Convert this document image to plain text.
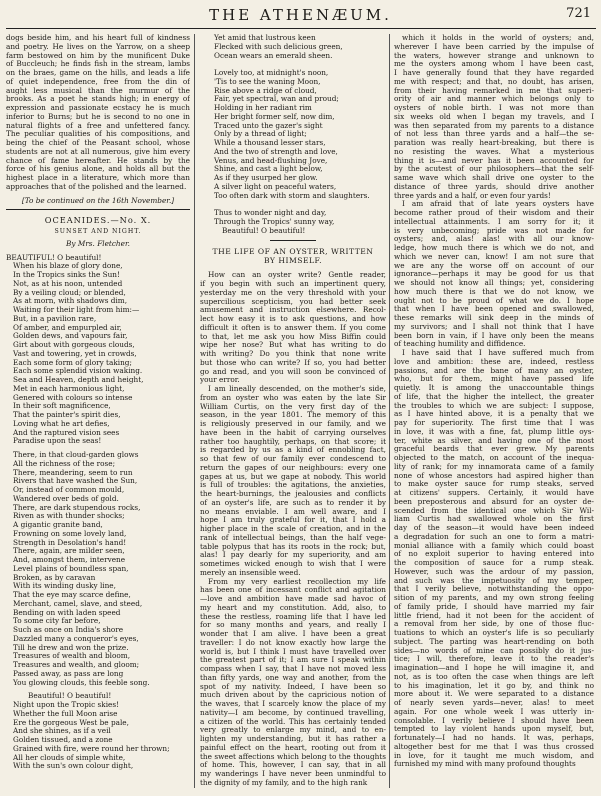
THE ATHENÆUM.	721
dogs beside him, and his heart full of kindness
and poetry. He lives on the Yarrow, on a sheep
farm bestowed on him by the munificent Duke
of Buccleuch; he finds fish in the stream, lambs
on the braes, game on the hills, and leads a life
of quiet independence, free from the din of
aught less musical than the murmur of the
brooks. As a poet he stands high; in energy of
expression and passionate ecstacy he is much
inferior to Burns; but he is second to no one in
natural flights of a free and unfettered fancy.
The peculiar qualities of his compositions, and
being the chief of the Peasant school, whose
students are not at all numerous, give him every
chance of fame hereafter. He stands by the
force of his genius alone, and holds all but the
highest place in a literature, which more than
approaches that of the polished and the learned.
[To be continued on the 16th November.]
OCEANIDES.—No. X.
SUNSET AND NIGHT.
By Mrs. Fletcher.
BEAUTIFUL! O beautiful!
When his blaze of glory done,
In the Tropics sinks the Sun!
Not, as at his noon, untended
By a veiling cloud; or blended,
As at morn, with shadows dim,
Waiting for their light from him:—
But, in a pavilion rare,
Of amber, and empurpled air,
Golden dews, and vapours fair,
Girt about with gorgeous clouds,
Vast and towering, yet in crowds,
Each some form of glory taking;
Each some splendid vision waking.
Sea and Heaven, depth and height,
Met in each harmonious light,
Genered with colours so intense
In their soft magnificence,
That the painter's spirit dies,
Loving what he art defies,
And the raptured vision sees
Paradise upon the seas!
There, in that cloud-garden glows
All the richness of the rose;
There, meandering, seem to run
Rivers that have washed the Sun,
Or, instead of common mould,
Wandered over beds of gold.
There, are dark stupendous rocks,
Riven as with thunder shocks;
A gigantic granite band,
Frowning on some lovely land,
Strength in Desolation's hand!
There, again, are milder seen,
And, amongst them, intervene
Level plains of boundless span,
Broken, as by caravan
With its winding dusky line,
That the eye may scarce define,
Merchant, camel, slave, and steed,
Bending on with laden speed
To some city far before,
Such as once on India's shore
Dazzled many a conqueror's eyes,
Till he drew and won the prize.
Treasures of wealth and bloom,
Treasures and wealth, and gloom;
Passed away, as pass are long
You glowing clouds, this feeble song.
Beautiful! O beautiful!
Night upon the Tropic skies!
Whether the full Moon arise
Ere the gorgeous West be pale,
And she shines, as if a veil
Golden tissued, and a zone
Grained with fire, were round her thrown;
All her clouds of simple white,
With the sun's own colour dight,
Yet amid that lustrous keen
Flecked with such delicious green,
Ocean wears an emerald sheen.

Lovely too, at midnight's noon,
'Tis to see the waning Moon,
Rise above a ridge of cloud,
Fair, yet spectral, wan and proud;
Holding in her radiant rim
Her bright former self, now dim,
Traced unto the gazer's sight
Only by a thread of light;
While a thousand lesser stars,
And the two of strength and love,
Venus, and head-flushing Jove,
Shine, and cast a light below,
As if they usurped her glow.
A silver light on peaceful waters,
Too often dark with storm and slaughters.

Thus to wonder night and day,
Through the Tropics' sunny way,
Beautiful! O beautiful!
THE LIFE OF AN OYSTER, WRITTEN BY HIMSELF.
How can an oyster write? Gentle reader,
if you begin with such an impertinent query,
yesterday me on the very threshold with your
supercilious scepticism, you had better seek
amusement and instruction elsewhere. Recol-
lect how easy it is to ask questions, and how
difficult it often is to answer them. If you come
to that, let me ask you how Miss Biffin could
wipe her nose? But what has writing to do
with writing? Do you think that none write
but those who can write? If so, you had better
go and read, and you will soon be convinced of
your error.
I am lineally descended, on the mother's side,
from an oyster who was eaten by the late Sir
William Curtis, on the very first day of the
season, in the year 1801. The memory of this
is religiously preserved in our family, and we
have been in the habit of carrying ourselves
rather too haughtily, perhaps, on that score; it
is regarded by us as a kind of ennobling fact,
so that few of our family ever condescend to
return the gapes of our neighbours: every one
gapes at us, but we gape at nobody. This world
is full of troubles: the agitations, the anxieties,
the heart-burnings, the jealousies and conflicts
of an oyster's life, are such as to render it by
no means enviable. I am well aware, and I
hope I am truly grateful for it, that I hold a
higher place in the scale of creation, and in the
rank of intellectual beings, than the half vege-
table polypus that has its roots in the rock; but,
alas! I pay dearly for my superiority, and am
sometimes wicked enough to wish that I were
merely an insensible weed.
From my very earliest recollection my life
has been one of incessant conflict and agitation
—love and ambition have made sad havoc of
my heart and my constitution. Add, also, to
these the restless, roaming life that I have led
for so many months and years, and really I
wonder that I am alive. I have been a great
traveller: I do not know exactly how large the
world is, but I think I must have travelled over
the greatest part of it; I am sure I speak within
compass when I say, that I have not moved less
than fifty yards, one way and another, from the
spot of my nativity. Indeed, I have been so
much driven about by the capricious notion of
the waves, that I scarcely know the place of my
nativity—I am become, by continued travelling,
a citizen of the world. This has certainly tended
very greatly to enlarge my mind, and to en-
lighten my understanding, but it has rather a
painful effect on the heart, rooting out from it
the sweet affections which belong to the thoughts
of home. This, however, I can say, that in all
my wanderings I have never been unmindful to
the dignity of my family, and to the high rank
which it holds in the world of oysters; and,
wherever I have been carried by the impulse of
the waters, however strange and unknown to
me the oysters among whom I have been cast,
I have generally found that they have regarded
me with respect; and that, no doubt, has arisen,
from their having remarked in me that superi-
ority of air and manner which belongs only to
oysters of noble birth. I was not more than
six weeks old when I began my travels, and I
was then separated from my parents to a distance
of not less than three yards and a half—the se-
paration was really heart-breaking, but there is
no resisting the waves. What a mysterious
thing it is—and never has it been accounted for
by the acutest of our philosophers—that the self-
same wave which shall drive one oyster to the
distance of three yards, should drive another
three yards and a half, or even four yards!
I am afraid that of late years oysters have
become rather proud of their wisdom and their
intellectual attainments. I am sorry for it; it
is very unbecoming; pride was not made for
oysters; and, alas! alas! with all our know-
ledge, how much there is which we do not, and
which we never can, know! I am not sure that
we are any the worse off on account of our
ignorance—perhaps it may be good for us that
we should not know all things; yet, considering
how much there is that we do not know, we
ought not to be proud of what we do. I hope
that when I have been opened and swallowed,
these remarks will sink deep in the minds of
my survivors; and I shall not think that I have
been born in vain, if I have only been the means
of teaching humility and diffidence.
I have said that I have suffered much from
love and ambition: these are, indeed, restless
passions, and are the bane of many an oyster,
who, but for them, might have passed life
quietly. It is among the unaccountable things
of life, that the higher the intellect, the greater
the troubles to which we are subject: I suppose,
as I have hinted above, it is a penalty that we
pay for superiority. The first time that I was
in love, it was with a fine, fat, plump little oys-
ter, white as silver, and having one of the most
graceful beards that ever grew. My parents
objected to the match, on account of the inequa-
lity of rank; for my innamorata came of a family
none of whose ancestors had aspired higher than
to make oyster sauce for rump steaks, served
at citizens' suppers. Certainly, it would have
been preposterous and absurd for an oyster de-
scended from the identical one which Sir Wil-
liam Curtis had swallowed whole on the first
day of the season—it would have been indeed
a degradation for such an one to form a matri-
monial alliance with a family which could boast
of no exploit superior to having entered into
the composition of sauce for a rump steak.
However, such was the ardour of my passion,
and such was the impetuosity of my temper,
that I verily believe, notwithstanding the oppo-
sition of my parents, and my own strong feeling
of family pride, I should have married my fair
little friend, had it not been for the accident of
a removal from her side, by one of those fluc-
tuations to which an oyster's life is so peculiarly
subject. The parting was heart-rending on both
sides—no words of mine can possibly do it jus-
tice; I will, therefore, leave it to the reader's
imagination—and I hope he will imagine it, and
not, as is too often the case when things are left
to his imagination, let it go by, and think no
more about it. We were separated to a distance
of nearly seven yards—never, alas! to meet
again. For one whole week I was utterly in-
consolable. I verily believe I should have been
tempted to lay violent hands upon myself, but,
fortunately—I had no hands. It was, perhaps,
altogether best for me that I was thus crossed
in love, for it taught me much wisdom, and
furnished my mind with many profound thoughts
